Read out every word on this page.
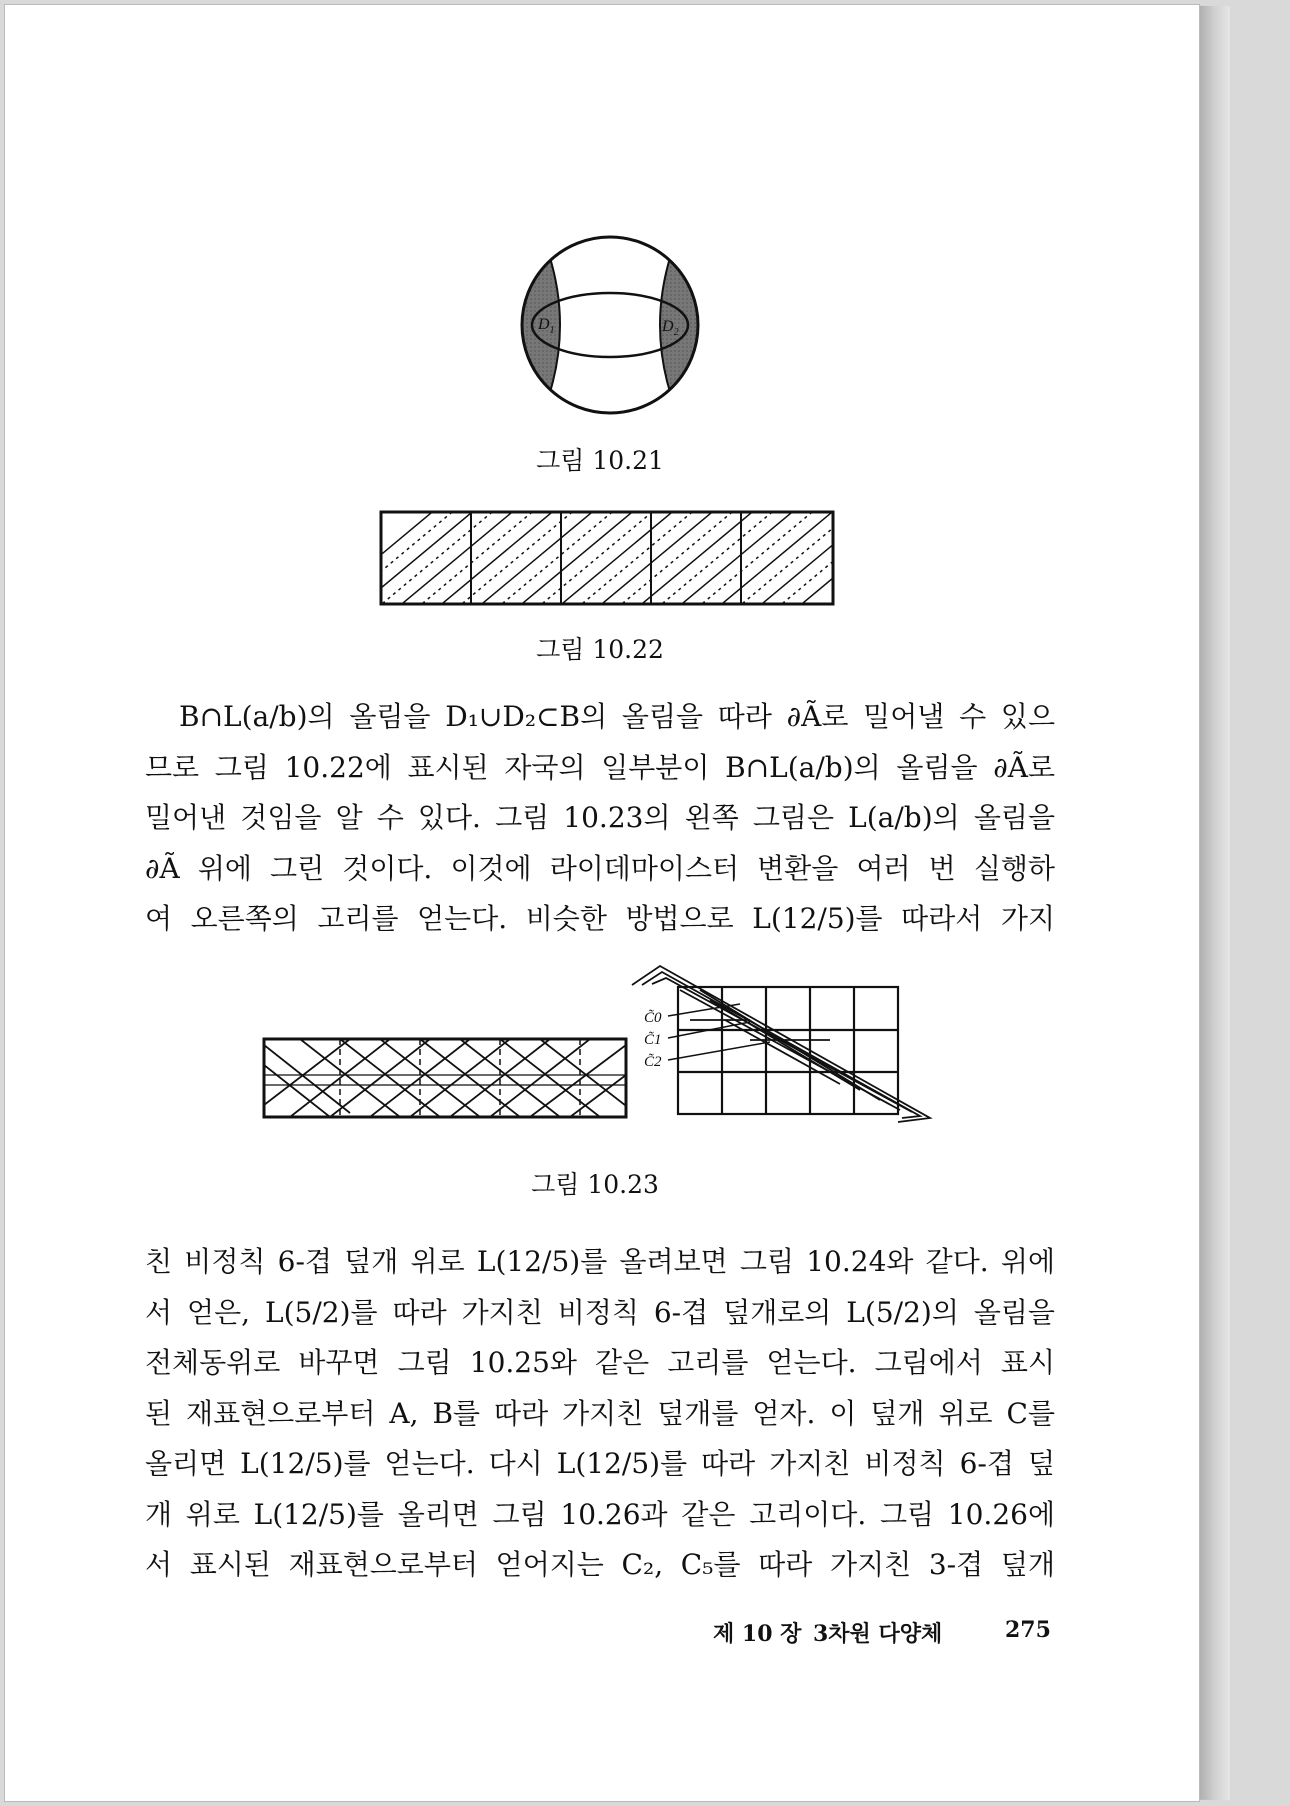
$D_1$	$D_2$
그림 10.21
그림 10.22
B∩L(a/b)의 올림을 D₁∪D₂⊂B의 올림을 따라 ∂Ã로 밀어낼 수 있으
므로 그림 10.22에 표시된 자국의 일부분이 B∩L(a/b)의 올림을 ∂Ã로
밀어낸 것임을 알 수 있다. 그림 10.23의 왼쪽 그림은 L(a/b)의 올림을
∂Ã 위에 그린 것이다. 이것에 라이데마이스터 변환을 여러 번 실행하
여 오른쪽의 고리를 얻는다. 비슷한 방법으로 L(12/5)를 따라서 가지
C̃0
C̃1
C̃2
그림 10.23
친 비정칙 6-겹 덮개 위로 L(12/5)를 올려보면 그림 10.24와 같다. 위에
서 얻은, L(5/2)를 따라 가지친 비정칙 6-겹 덮개로의 L(5/2)의 올림을
전체동위로 바꾸면 그림 10.25와 같은 고리를 얻는다. 그림에서 표시
된 재표현으로부터 A, B를 따라 가지친 덮개를 얻자. 이 덮개 위로 C를
올리면 L(12/5)를 얻는다. 다시 L(12/5)를 따라 가지친 비정칙 6-겹 덮
개 위로 L(12/5)를 올리면 그림 10.26과 같은 고리이다. 그림 10.26에
서 표시된 재표현으로부터 얻어지는 C₂, C₅를 따라 가지친 3-겹 덮개
제 10 장 3차원 다양체	275
